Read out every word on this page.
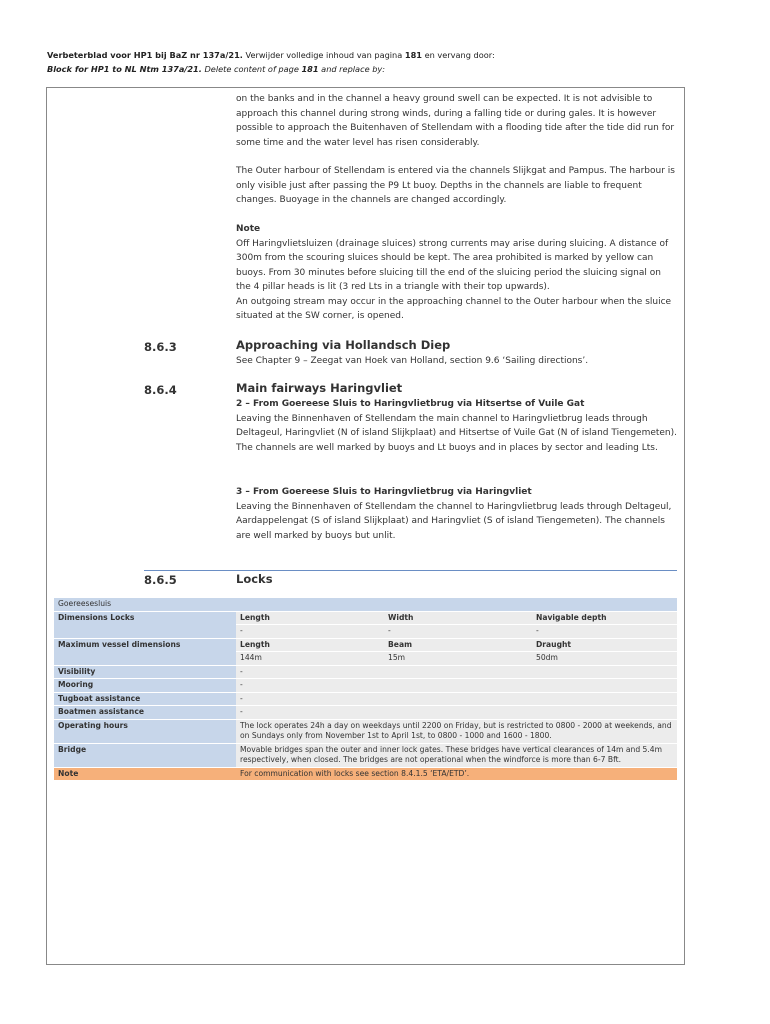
Verbeterblad voor HP1 bij BaZ nr 137a/21. Verwijder volledige inhoud van pagina 181 en vervang door:
Block for HP1 to NL Ntm 137a/21. Delete content of page 181 and replace by:
on the banks and in the channel a heavy ground swell can be expected. It is not advisible to approach this channel during strong winds, during a falling tide or during gales. It is however possible to approach the Buitenhaven of Stellendam with a flooding tide after the tide did run for some time and the water level has risen considerably.
The Outer harbour of Stellendam is entered via the channels Slijkgat and Pampus. The harbour is only visible just after passing the P9 Lt buoy. Depths in the channels are liable to frequent changes. Buoyage in the channels are changed accordingly.
Note
Off Haringvlietsluizen (drainage sluices) strong currents may arise during sluicing. A distance of 300m from the scouring sluices should be kept. The area prohibited is marked by yellow can buoys. From 30 minutes before sluicing till the end of the sluicing period the sluicing signal on the 4 pillar heads is lit (3 red Lts in a triangle with their top upwards).
An outgoing stream may occur in the approaching channel to the Outer harbour when the sluice situated at the SW corner, is opened.
8.6.3	Approaching via Hollandsch Diep
See Chapter 9 – Zeegat van Hoek van Holland, section 9.6 ‘Sailing directions’.
8.6.4	Main fairways Haringvliet
2 – From Goereese Sluis to Haringvlietbrug via Hitsertse of Vuile Gat
Leaving the Binnenhaven of Stellendam the main channel to Haringvlietbrug leads through Deltageul, Haringvliet (N of island Slijkplaat) and Hitsertse of Vuile Gat (N of island Tiengemeten).
The channels are well marked by buoys and Lt buoys and in places by sector and leading Lts.
3 – From Goereese Sluis to Haringvlietbrug via Haringvliet
Leaving the Binnenhaven of Stellendam the channel to Haringvlietbrug leads through Deltageul, Aardappelengat (S of island Slijkplaat) and Haringvliet (S of island Tiengemeten). The channels are well marked by buoys but unlit.
8.6.5	Locks
Goereesesluis			
Dimensions Locks	Length	Width	Navigable depth
	-	-	-
Maximum vessel dimensions	Length	Beam	Draught
	144m	15m	50dm
Visibility	-		
Mooring	-		
Tugboat assistance	-		
Boatmen assistance	-		
Operating hours	The lock operates 24h a day on weekdays until 2200 on Friday, but is restricted to 0800 - 2000 at weekends, and on Sundays only from November 1st to April 1st, to 0800 - 1000 and 1600 - 1800.		
Bridge	Movable bridges span the outer and inner lock gates. These bridges have vertical clearances of 14m and 5.4m respectively, when closed. The bridges are not operational when the windforce is more than 6-7 Bft.		
Note	For communication with locks see section 8.4.1.5 ‘ETA/ETD’.		
